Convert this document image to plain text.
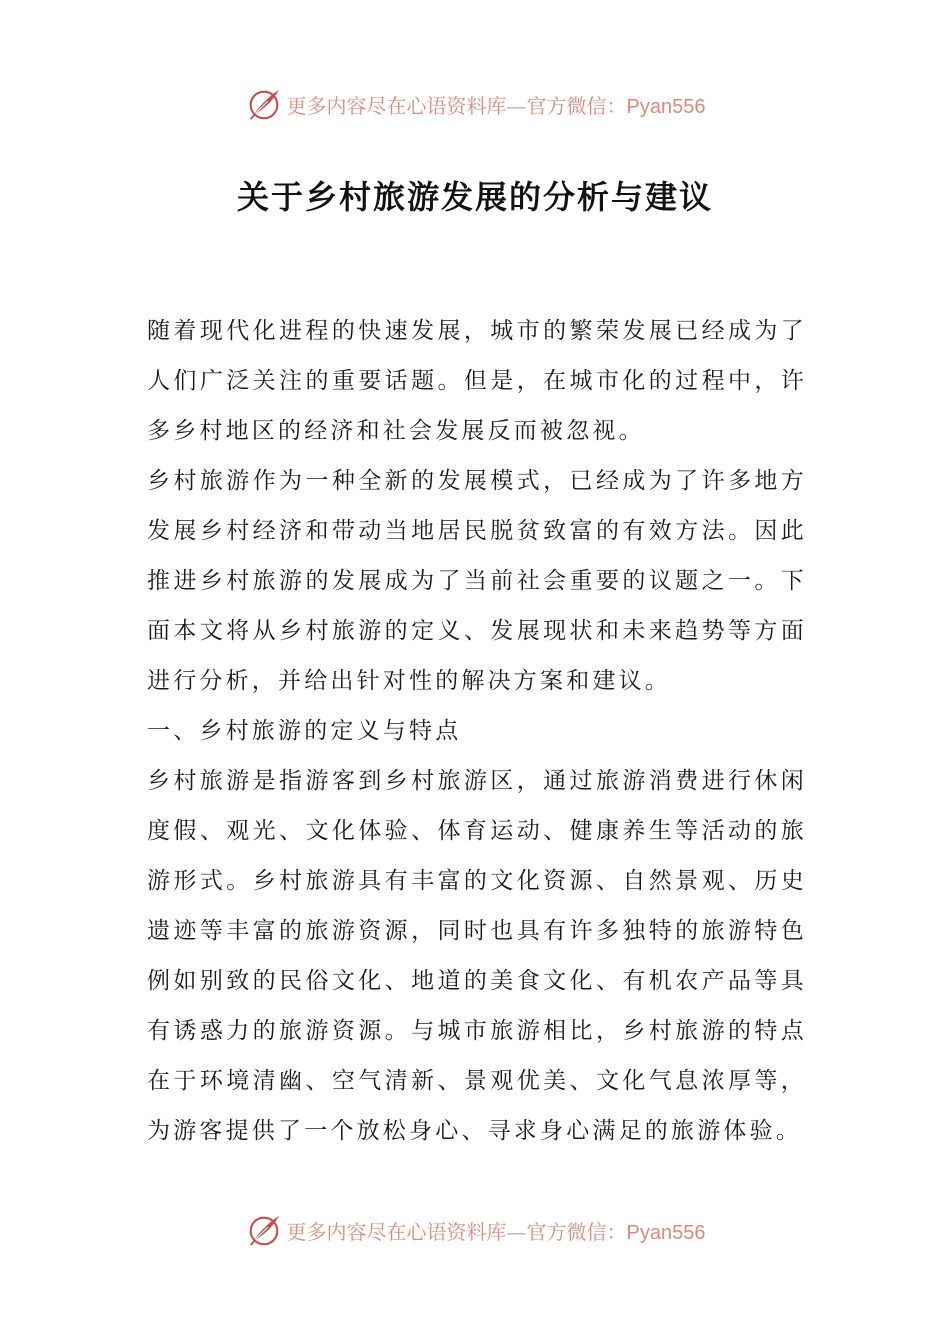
更多内容尽在心语资料库—官方微信：Pyan556
关于乡村旅游发展的分析与建议

随着现代化进程的快速发展，城市的繁荣发展已经成为了人们广泛关注的重要话题。但是，在城市化的过程中，许多乡村地区的经济和社会发展反而被忽视。

乡村旅游作为一种全新的发展模式，已经成为了许多地方发展乡村经济和带动当地居民脱贫致富的有效方法。因此推进乡村旅游的发展成为了当前社会重要的议题之一。下面本文将从乡村旅游的定义、发展现状和未来趋势等方面进行分析，并给出针对性的解决方案和建议。

一、乡村旅游的定义与特点

乡村旅游是指游客到乡村旅游区，通过旅游消费进行休闲度假、观光、文化体验、体育运动、健康养生等活动的旅游形式。乡村旅游具有丰富的文化资源、自然景观、历史遗迹等丰富的旅游资源，同时也具有许多独特的旅游特色例如别致的民俗文化、地道的美食文化、有机农产品等具有诱惑力的旅游资源。与城市旅游相比，乡村旅游的特点在于环境清幽、空气清新、景观优美、文化气息浓厚等，为游客提供了一个放松身心、寻求身心满足的旅游体验。

更多内容尽在心语资料库—官方微信：Pyan556
